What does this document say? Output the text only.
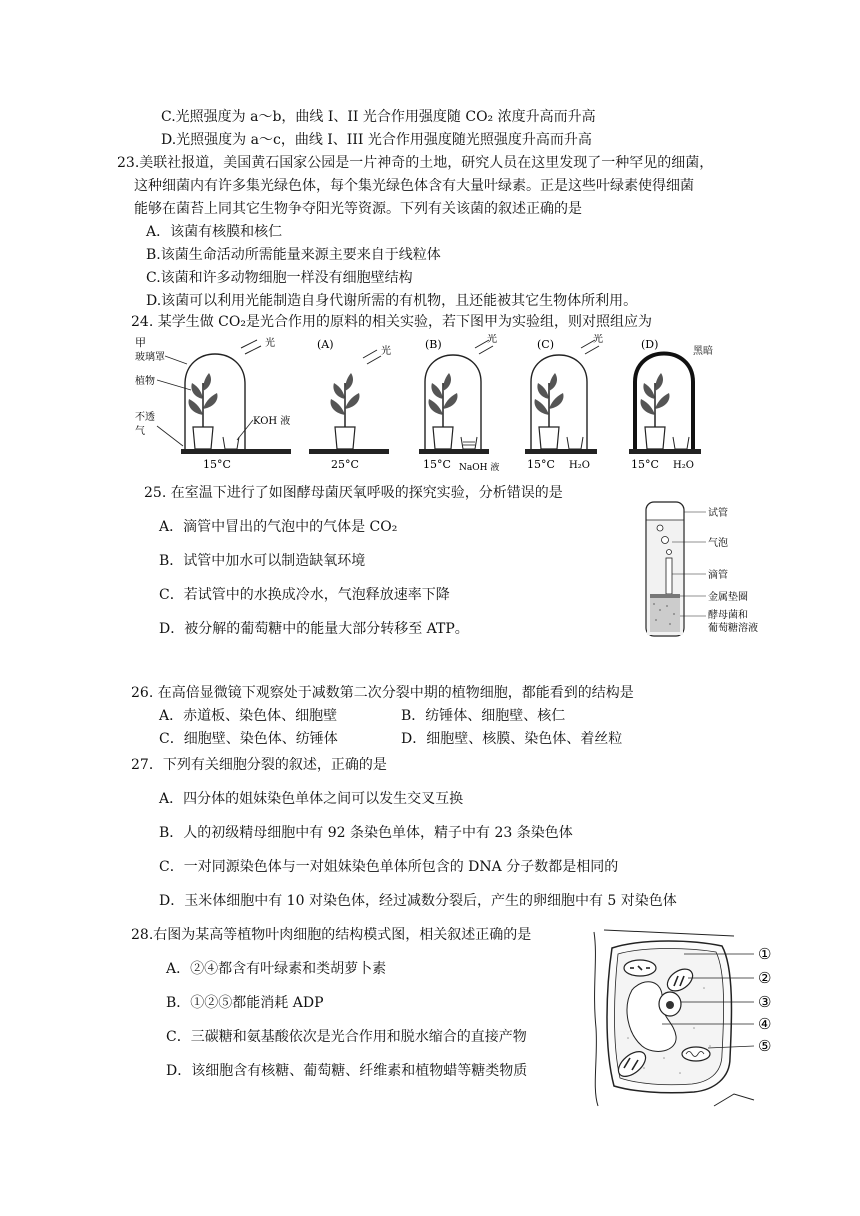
C.光照强度为 a～b，曲线 I、II 光合作用强度随 CO₂ 浓度升高而升高
D.光照强度为 a～c，曲线 I、III 光合作用强度随光照强度升高而升高
23.美联社报道，美国黄石国家公园是一片神奇的土地，研究人员在这里发现了一种罕见的细菌，
这种细菌内有许多集光绿色体，每个集光绿色体含有大量叶绿素。正是这些叶绿素使得细菌
能够在菌苔上同其它生物争夺阳光等资源。下列有关该菌的叙述正确的是
A．该菌有核膜和核仁
B.该菌生命活动所需能量来源主要来自于线粒体
C.该菌和许多动物细胞一样没有细胞壁结构
D.该菌可以利用光能制造自身代谢所需的有机物，且还能被其它生物体所利用。
24. 某学生做 CO₂是光合作用的原料的相关实验，若下图甲为实验组，则对照组应为
甲
玻璃罩
植物
不透
气
KOH 液
15°C
光	(A)
光
25°C
(B)	光
15°C NaOH 液
(C)	光
15°C H₂O
(D)
黑暗
15°C H₂O
25. 在室温下进行了如图酵母菌厌氧呼吸的探究实验，分析错误的是
A．滴管中冒出的气泡中的气体是 CO₂
B．试管中加水可以制造缺氧环境
C．若试管中的水换成冷水，气泡释放速率下降
D．被分解的葡萄糖中的能量大部分转移至 ATP。
试管
气泡
滴管
金属垫圈
酵母菌和
葡萄糖溶液
26. 在高倍显微镜下观察处于减数第二次分裂中期的植物细胞，都能看到的结构是
A．赤道板、染色体、细胞壁	B．纺锤体、细胞壁、核仁
C．细胞壁、染色体、纺锤体	D．细胞壁、核膜、染色体、着丝粒
27．下列有关细胞分裂的叙述，正确的是
A．四分体的姐妹染色单体之间可以发生交叉互换
B．人的初级精母细胞中有 92 条染色单体，精子中有 23 条染色体
C．一对同源染色体与一对姐妹染色单体所包含的 DNA 分子数都是相同的
D．玉米体细胞中有 10 对染色体，经过减数分裂后，产生的卵细胞中有 5 对染色体
28.右图为某高等植物叶肉细胞的结构模式图，相关叙述正确的是
A．②④都含有叶绿素和类胡萝卜素
B．①②⑤都能消耗 ADP
C．三碳糖和氨基酸依次是光合作用和脱水缩合的直接产物
D．该细胞含有核糖、葡萄糖、纤维素和植物蜡等糖类物质
①
②
③
④
⑤
